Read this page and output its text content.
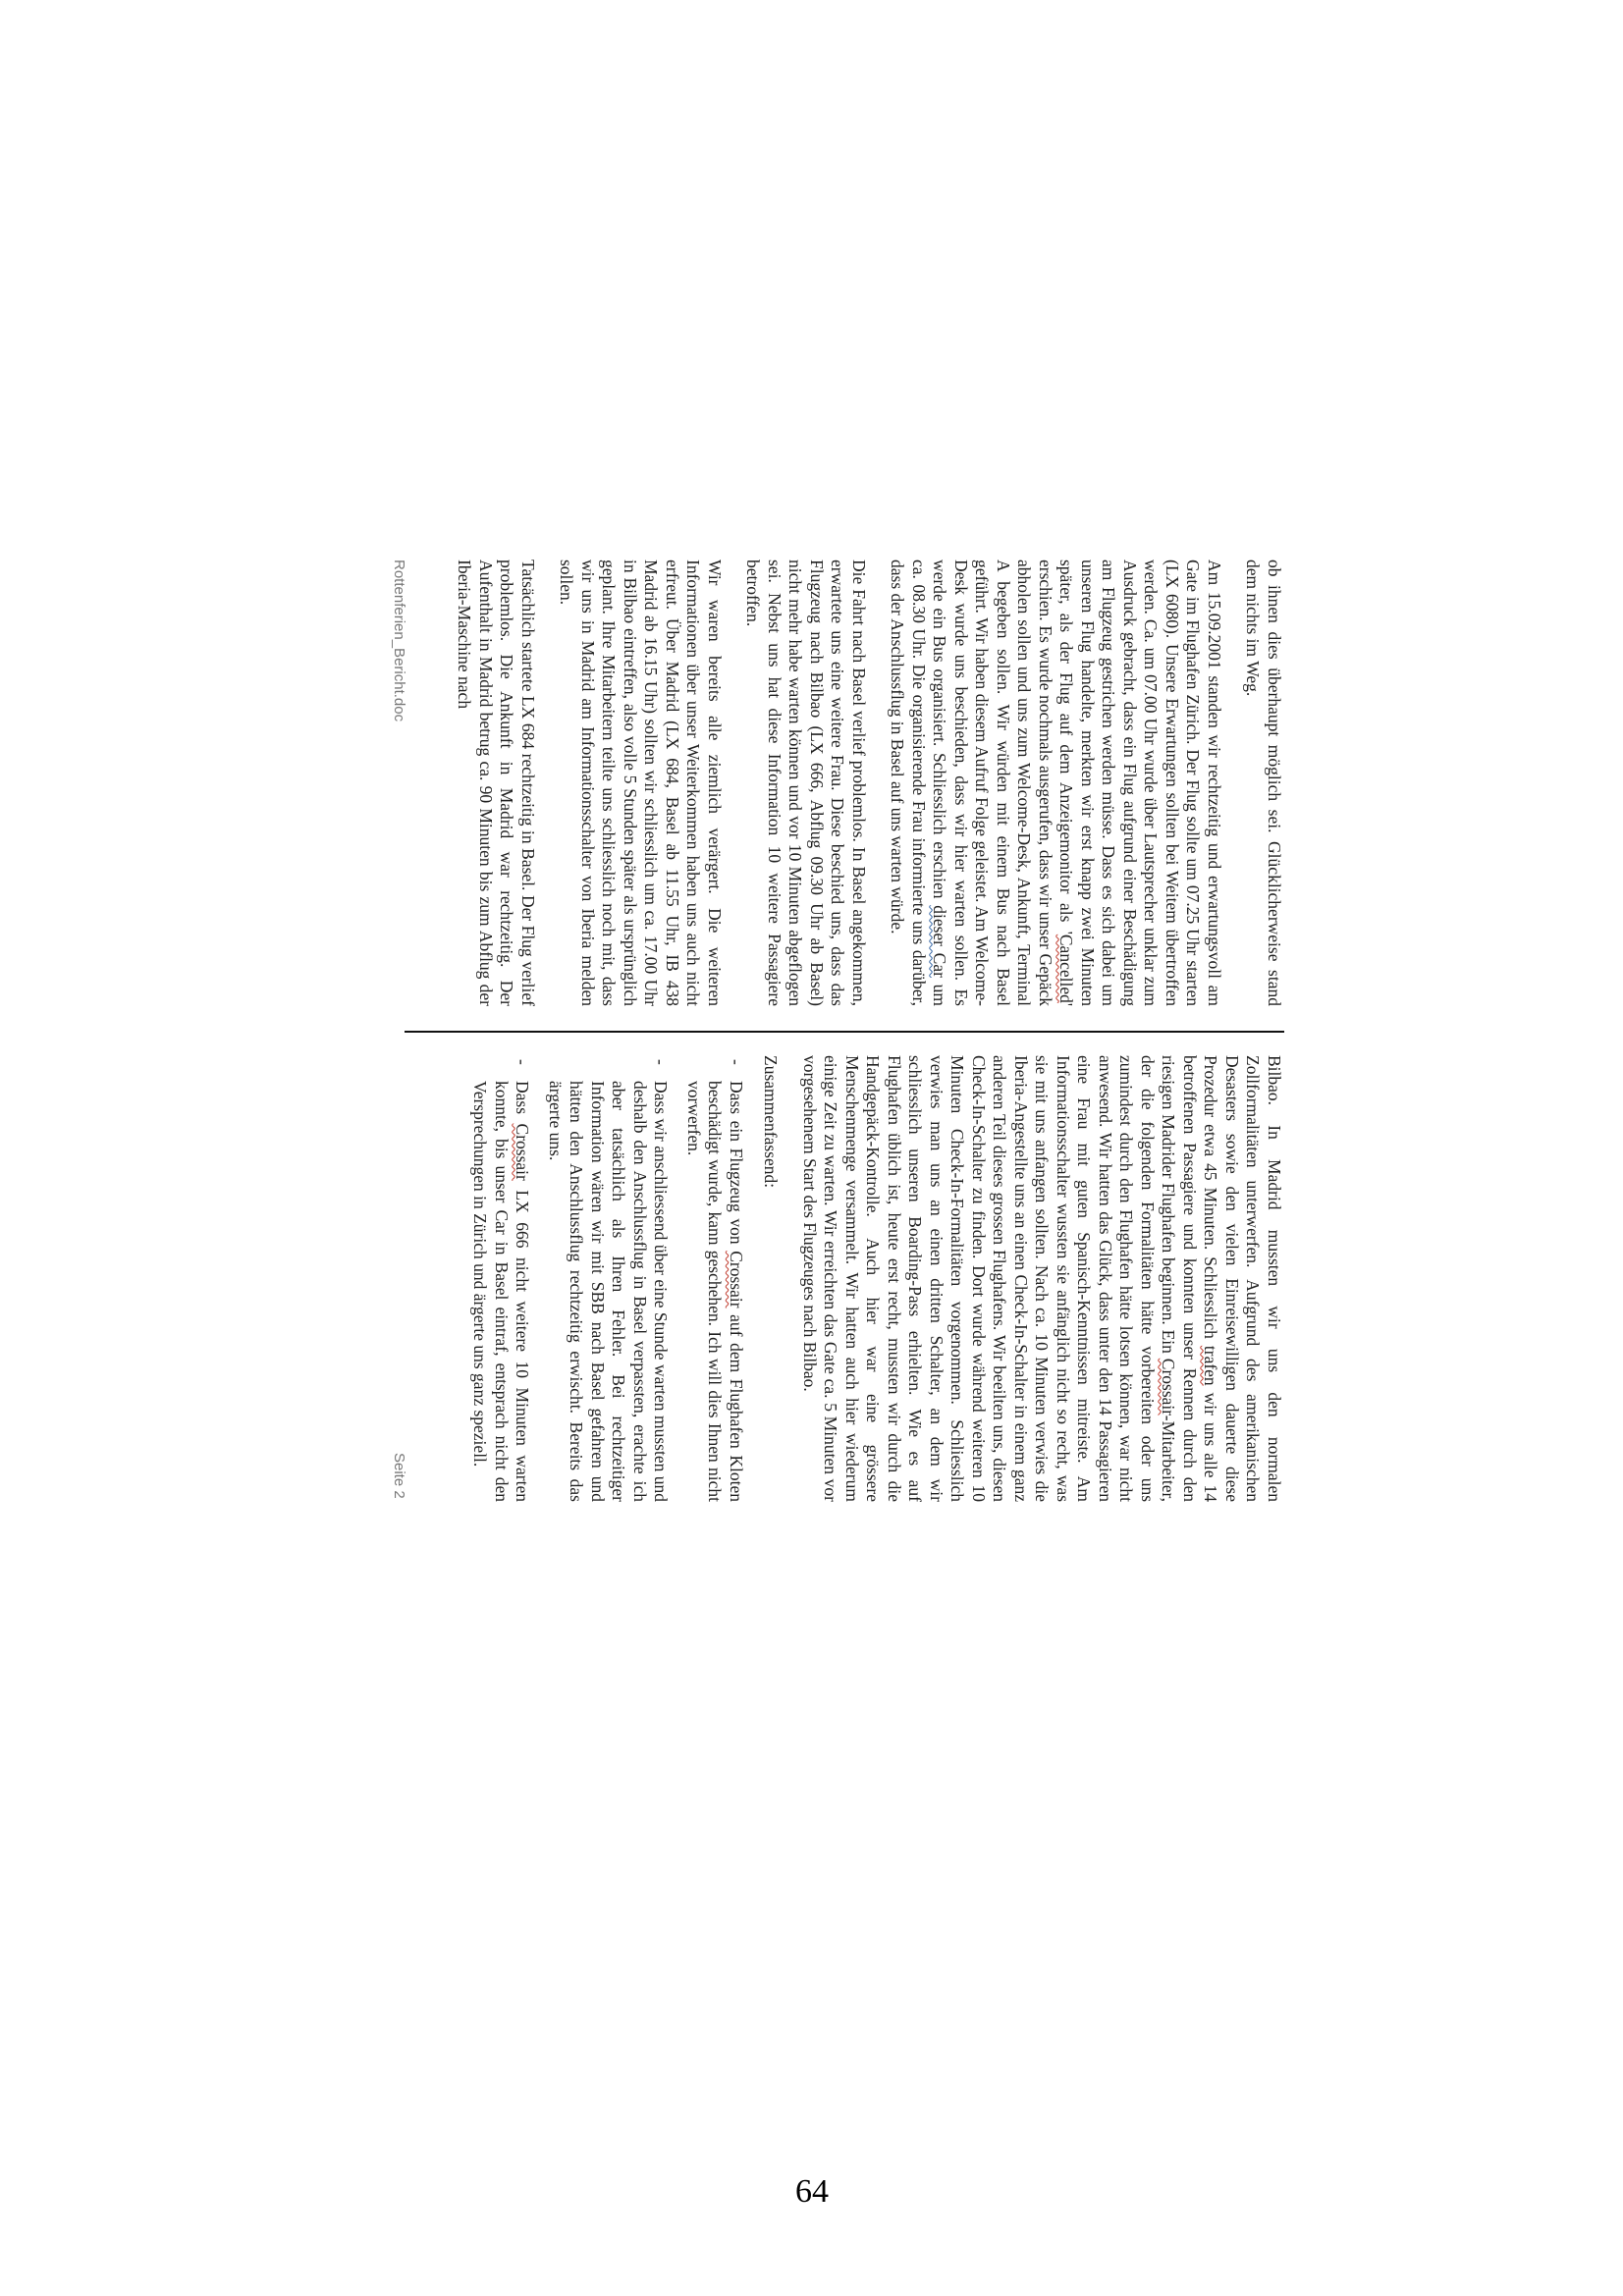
ob ihnen dies überhaupt möglich sei. Glücklicherweise stand dem nichts im Weg.

Am 15.09.2001 standen wir rechtzeitig und erwartungsvoll am Gate im Flughafen Zürich. Der Flug sollte um 07.25 Uhr starten (LX 6080). Unsere Erwartungen sollten bei Weitem übertroffen werden. Ca. um 07.00 Uhr wurde über Lautsprecher unklar zum Ausdruck gebracht, dass ein Flug aufgrund einer Beschädigung am Flugzeug gestrichen werden müsse. Dass es sich dabei um unseren Flug handelte, merkten wir erst knapp zwei Minuten später, als der Flug auf dem Anzeigemonitor als 'Cancelled' erschien. Es wurde nochmals ausgerufen, dass wir unser Gepäck abholen sollen und uns zum Welcome-Desk, Ankunft, Terminal A begeben sollen. Wir würden mit einem Bus nach Basel geführt. Wir haben diesem Aufruf Folge geleistet. Am Welcome-Desk wurde uns beschieden, dass wir hier warten sollen. Es werde ein Bus organisiert. Schliesslich erschien dieser Car um ca. 08.30 Uhr. Die organisierende Frau informierte uns darüber, dass der Anschlussflug in Basel auf uns warten würde.

Die Fahrt nach Basel verlief problemlos. In Basel angekommen, erwartete uns eine weitere Frau. Diese beschied uns, dass das Flugzeug nach Bilbao (LX 666, Abflug 09.30 Uhr ab Basel) nicht mehr habe warten können und vor 10 Minuten abgeflogen sei. Nebst uns hat diese Information 10 weitere Passagiere betroffen.

Wir waren bereits alle ziemlich verärgert. Die weiteren Informationen über unser Weiterkommen haben uns auch nicht erfreut. Über Madrid (LX 684, Basel ab 11.55 Uhr, IB 438 Madrid ab 16.15 Uhr) sollten wir schliesslich um ca. 17.00 Uhr in Bilbao eintreffen, also volle 5 Stunden später als ursprünglich geplant. Ihre Mitarbeitern teilte uns schliesslich noch mit, dass wir uns in Madrid am Informationsschalter von Iberia melden sollen.

Tatsächlich startete LX 684 rechtzeitig in Basel. Der Flug verlief problemlos. Die Ankunft in Madrid war rechtzeitig. Der Aufenthalt in Madrid betrug ca. 90 Minuten bis zum Abflug der Iberia-Maschine nach

Bilbao. In Madrid mussten wir uns den normalen Zollformalitäten unterwerfen. Aufgrund des amerikanischen Desasters sowie den vielen Einreisewilligen dauerte diese Prozedur etwa 45 Minuten. Schliesslich trafen wir uns alle 14 betroffenen Passagiere und konnten unser Rennen durch den riesigen Madrider Flughafen beginnen. Ein Crossair-Mitarbeiter, der die folgenden Formalitäten hätte vorbereiten oder uns zumindest durch den Flughafen hätte lotsen können, war nicht anwesend. Wir hatten das Glück, dass unter den 14 Passagieren eine Frau mit guten Spanisch-Kenntnissen mitreiste. Am Informationsschalter wussten sie anfänglich nicht so recht, was sie mit uns anfangen sollten. Nach ca. 10 Minuten verwies die Iberia-Angestellte uns an einen Check-In-Schalter in einem ganz anderen Teil dieses grossen Flughafens. Wir beeilten uns, diesen Check-In-Schalter zu finden. Dort wurde während weiteren 10 Minuten Check-In-Formalitäten vorgenommen. Schliesslich verwies man uns an einen dritten Schalter, an dem wir schliesslich unseren Boarding-Pass erhielten. Wie es auf Flughafen üblich ist, heute erst recht, mussten wir durch die Handgepäck-Kontrolle. Auch hier war eine grössere Menschenmenge versammelt. Wir hatten auch hier wiederum einige Zeit zu warten. Wir erreichten das Gate ca. 5 Minuten vor vorgesehenem Start des Flugzeuges nach Bilbao.

Zusammenfassend:
-
Dass ein Flugzeug von Crossair auf dem Flughafen Kloten beschädigt wurde, kann geschehen. Ich will dies Ihnen nicht vorwerfen.
-
Dass wir anschliessend über eine Stunde warten mussten und deshalb den Anschlussflug in Basel verpassten, erachte ich aber tatsächlich als Ihren Fehler. Bei rechtzeitiger Information wären wir mit SBB nach Basel gefahren und hätten den Anschlussflug rechtzeitig erwischt. Bereits das ärgerte uns.
-
Dass Crossair LX 666 nicht weitere 10 Minuten warten konnte, bis unser Car in Basel eintraf, entsprach nicht den Versprechungen in Zürich und ärgerte uns ganz speziell.
Rottenferien_Bericht.doc
Seite 2
64
